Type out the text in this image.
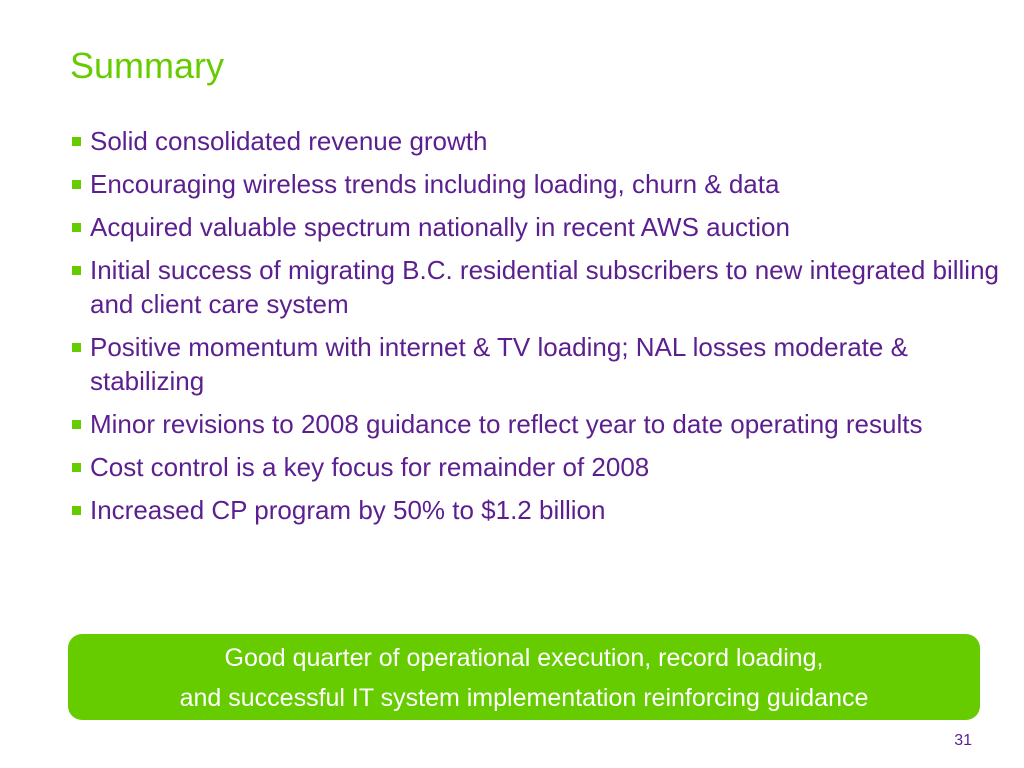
Summary
Solid consolidated revenue growth
Encouraging wireless trends including loading, churn & data
Acquired valuable spectrum nationally in recent AWS auction
Initial success of migrating B.C. residential subscribers to new integrated billing and client care system
Positive momentum with internet & TV loading; NAL losses moderate & stabilizing
Minor revisions to 2008 guidance to reflect year to date operating results
Cost control is a key focus for remainder of 2008
Increased CP program by 50% to $1.2 billion
Good quarter of operational execution, record loading,
and successful IT system implementation reinforcing guidance
31
